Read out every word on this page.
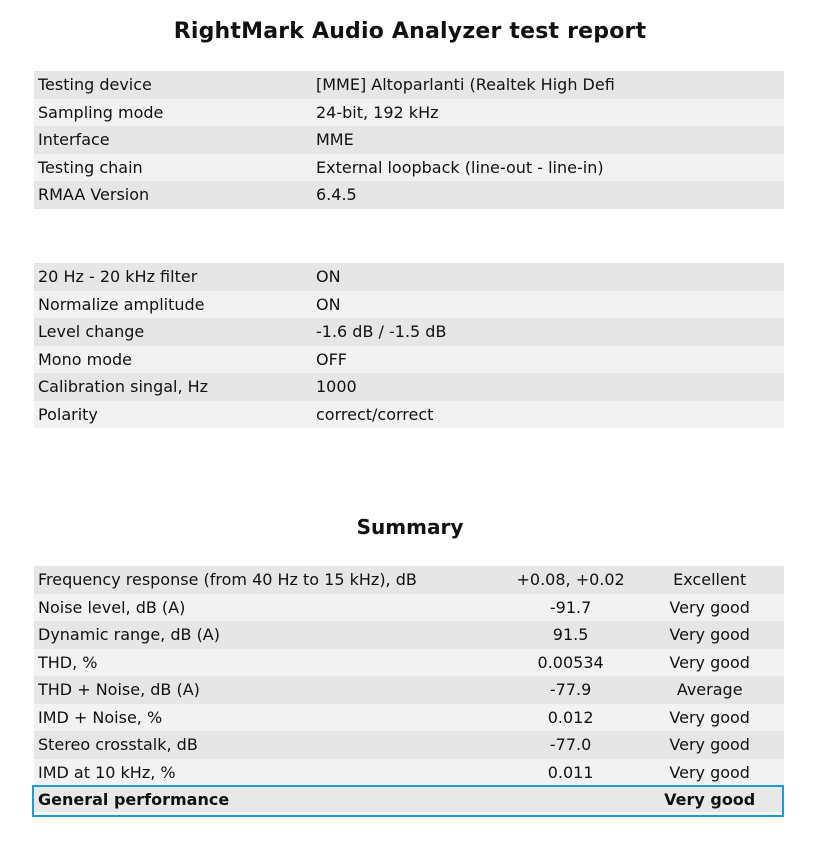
RightMark Audio Analyzer test report
Testing device	[MME] Altoparlanti (Realtek High Defi
Sampling mode	24-bit, 192 kHz
Interface	MME
Testing chain	External loopback (line-out - line-in)
RMAA Version	6.4.5
20 Hz - 20 kHz filter	ON
Normalize amplitude	ON
Level change	-1.6 dB / -1.5 dB
Mono mode	OFF
Calibration singal, Hz	1000
Polarity	correct/correct
Summary
Frequency response (from 40 Hz to 15 kHz), dB	+0.08, +0.02	Excellent
Noise level, dB (A)	-91.7	Very good
Dynamic range, dB (A)	91.5	Very good
THD, %	0.00534	Very good
THD + Noise, dB (A)	-77.9	Average
IMD + Noise, %	0.012	Very good
Stereo crosstalk, dB	-77.0	Very good
IMD at 10 kHz, %	0.011	Very good
General performance		Very good
